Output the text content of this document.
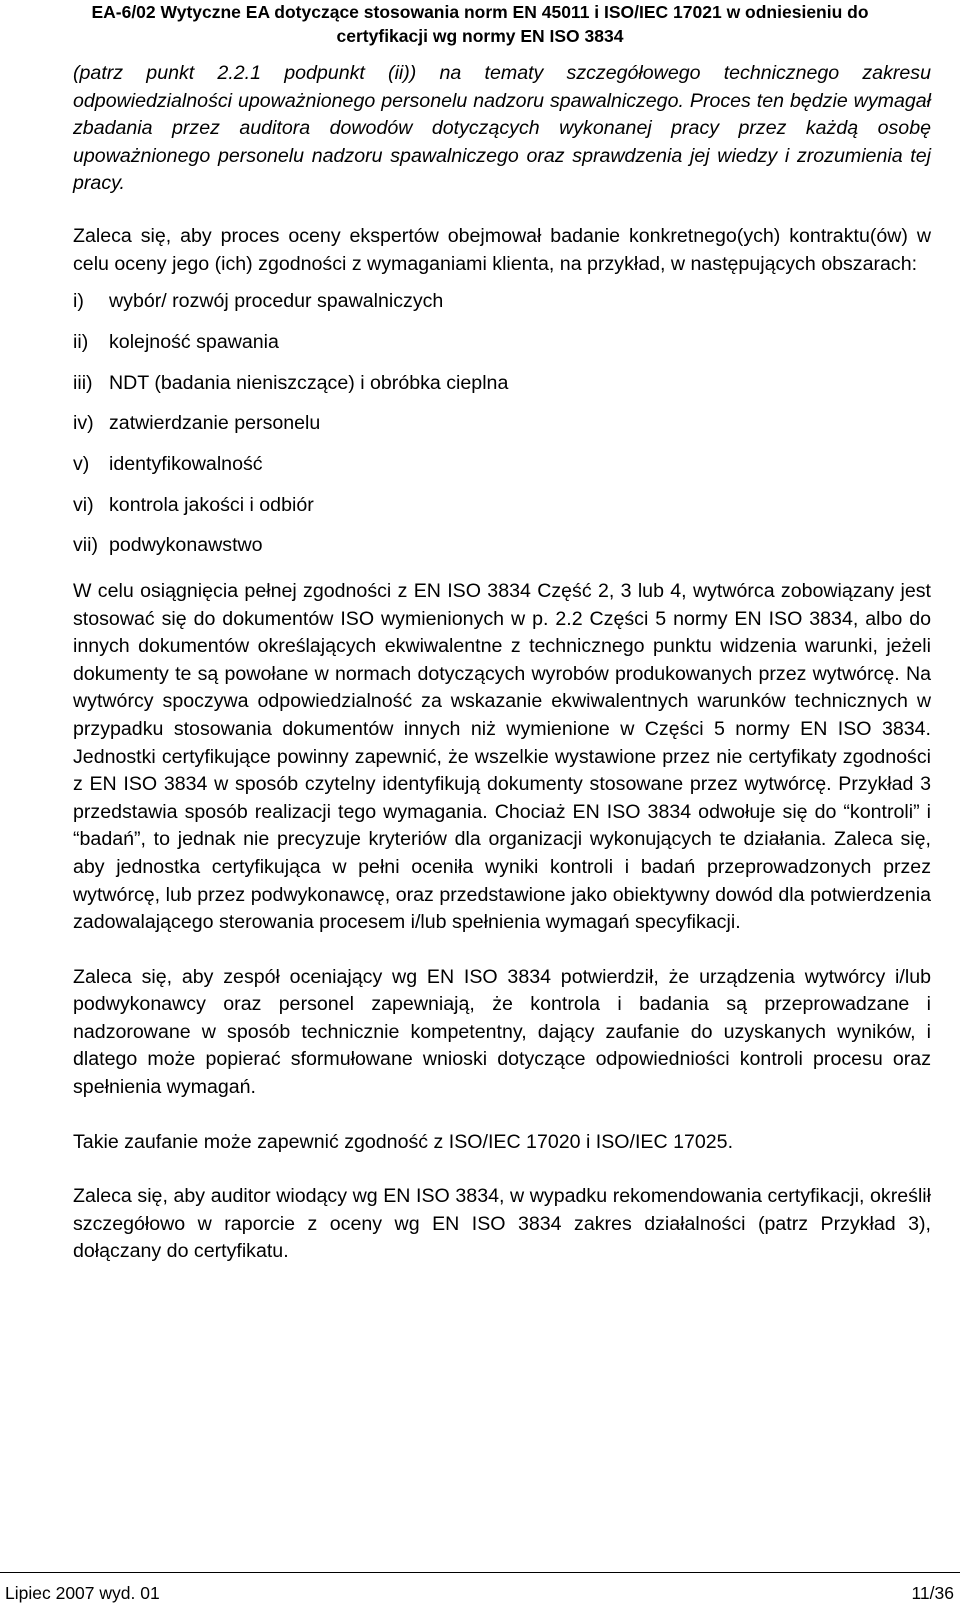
EA-6/02 Wytyczne EA dotyczące stosowania norm EN 45011 i ISO/IEC 17021 w odniesieniu do
certyfikacji wg normy EN ISO 3834

(patrz punkt 2.2.1 podpunkt (ii)) na tematy szczegółowego technicznego zakresu odpowiedzialności upoważnionego personelu nadzoru spawalniczego. Proces ten będzie wymagał zbadania przez auditora dowodów dotyczących wykonanej pracy przez każdą osobę upoważnionego personelu nadzoru spawalniczego oraz sprawdzenia jej wiedzy i zrozumienia tej pracy.

Zaleca się, aby proces oceny ekspertów obejmował badanie konkretnego(ych) kontraktu(ów) w celu oceny jego (ich) zgodności z wymaganiami klienta, na przykład, w następujących obszarach:

i) wybór/ rozwój procedur spawalniczych
ii) kolejność spawania
iii) NDT (badania nieniszczące) i obróbka cieplna
iv) zatwierdzanie personelu
v) identyfikowalność
vi) kontrola jakości i odbiór
vii) podwykonawstwo

W celu osiągnięcia pełnej zgodności z EN ISO 3834 Część 2, 3 lub 4, wytwórca zobowiązany jest stosować się do dokumentów ISO wymienionych w p. 2.2 Części 5 normy EN ISO 3834, albo do innych dokumentów określających ekwiwalentne z technicznego punktu widzenia warunki, jeżeli dokumenty te są powołane w normach dotyczących wyrobów produkowanych przez wytwórcę. Na wytwórcy spoczywa odpowiedzialność za wskazanie ekwiwalentnych warunków technicznych w przypadku stosowania dokumentów innych niż wymienione w Części 5 normy EN ISO 3834. Jednostki certyfikujące powinny zapewnić, że wszelkie wystawione przez nie certyfikaty zgodności z EN ISO 3834 w sposób czytelny identyfikują dokumenty stosowane przez wytwórcę. Przykład 3 przedstawia sposób realizacji tego wymagania. Chociaż EN ISO 3834 odwołuje się do “kontroli” i “badań”, to jednak nie precyzuje kryteriów dla organizacji wykonujących te działania. Zaleca się, aby jednostka certyfikująca w pełni oceniła wyniki kontroli i badań przeprowadzonych przez wytwórcę, lub przez podwykonawcę, oraz przedstawione jako obiektywny dowód dla potwierdzenia zadowalającego sterowania procesem i/lub spełnienia wymagań specyfikacji.

Zaleca się, aby zespół oceniający wg EN ISO 3834 potwierdził, że urządzenia wytwórcy i/lub podwykonawcy oraz personel zapewniają, że kontrola i badania są przeprowadzane i nadzorowane w sposób technicznie kompetentny, dający zaufanie do uzyskanych wyników, i dlatego może popierać sformułowane wnioski dotyczące odpowiedniości kontroli procesu oraz spełnienia wymagań.

Takie zaufanie może zapewnić zgodność z ISO/IEC 17020 i ISO/IEC 17025.

Zaleca się, aby auditor wiodący wg EN ISO 3834, w wypadku rekomendowania certyfikacji, określił szczegółowo w raporcie z oceny wg EN ISO 3834 zakres działalności (patrz Przykład 3), dołączany do certyfikatu.

Lipiec 2007 wyd. 01	11/36
